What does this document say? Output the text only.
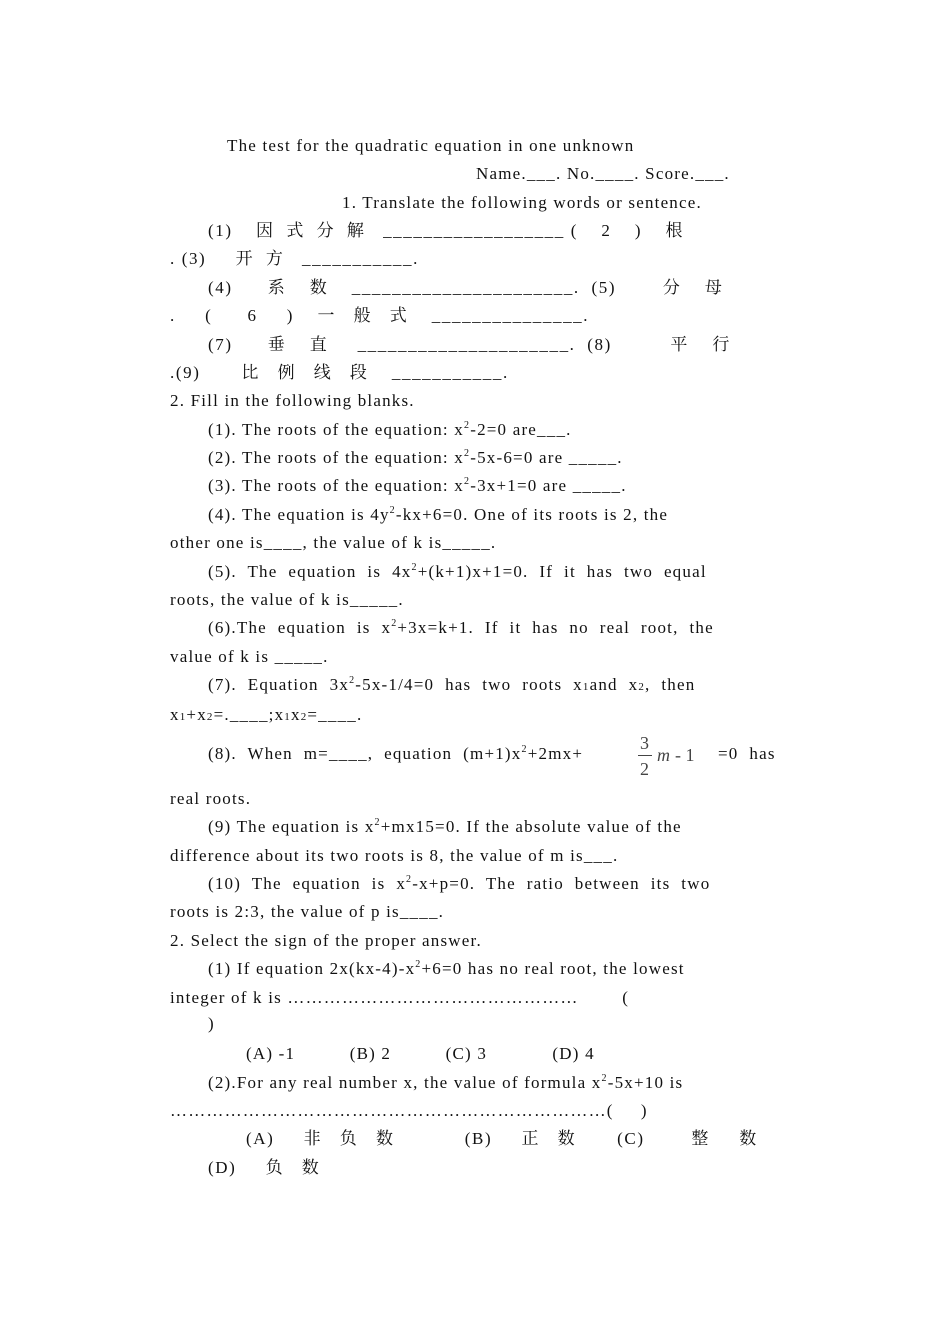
The test for the quadratic equation in one unknown
Name.___. No.____. Score.___.
1. Translate the following words or sentence.
(1)    因  式  分  解   __________________ (    2    )    根
. (3)     开  方   ___________.
(4)      系    数    ______________________.  (5)        分    母
.     (      6     )    一   般   式    _______________.
(7)      垂    直     _____________________.  (8)          平    行
.(9)       比   例   线   段    ___________.
2. Fill in the following blanks.
(1). The roots of the equation: $x^2-2=0$ are___.
(2). The roots of the equation: $x^2-5x-6=0$ are _____.
(3). The roots of the equation: $x^2-3x+1=0$ are _____.
(4). The equation is $4y^2-kx+6=0$. One of its roots is 2, the
other one is____, the value of k is_____.
(5).  The  equation  is  $4x^2+(k+1)x+1=0$.  If  it  has  two  equal
roots, the value of k is_____.
(6).The  equation  is  $x^2+3x=k+1$.  If  it  has  no  real  root,  the
value of k is _____.
(7).  Equation  $3x^2-5x-1/4=0$  has  two  roots  x1and  x2,  then
x1+x2=.____;x1x2=____.
(8).  When  m=____,  equation  $(m+1)x^2+2mx+$
3
2
m - 1 =0  has
real roots.
(9) The equation is $x^2+mx15=0$. If the absolute value of the
difference about its two roots is 8, the value of m is___.
(10)  The  equation  is  $x^2-x+p=0$.  The  ratio  between  its  two
roots is 2:3, the value of p is____.
2. Select the sign of the proper answer.
(1) If equation $2x(kx-4)-x^2+6=0$ has no real root, the lowest
integer of k is …………………………………………        (
)
(A) -1          (B) 2          (C) 3            (D) 4
(2).For any real number x, the value of formula $x^2-5x+10$ is
………………………………………………………………(     )
(A)     非   负   数            (B)     正   数       (C)        整     数
(D)     负   数
